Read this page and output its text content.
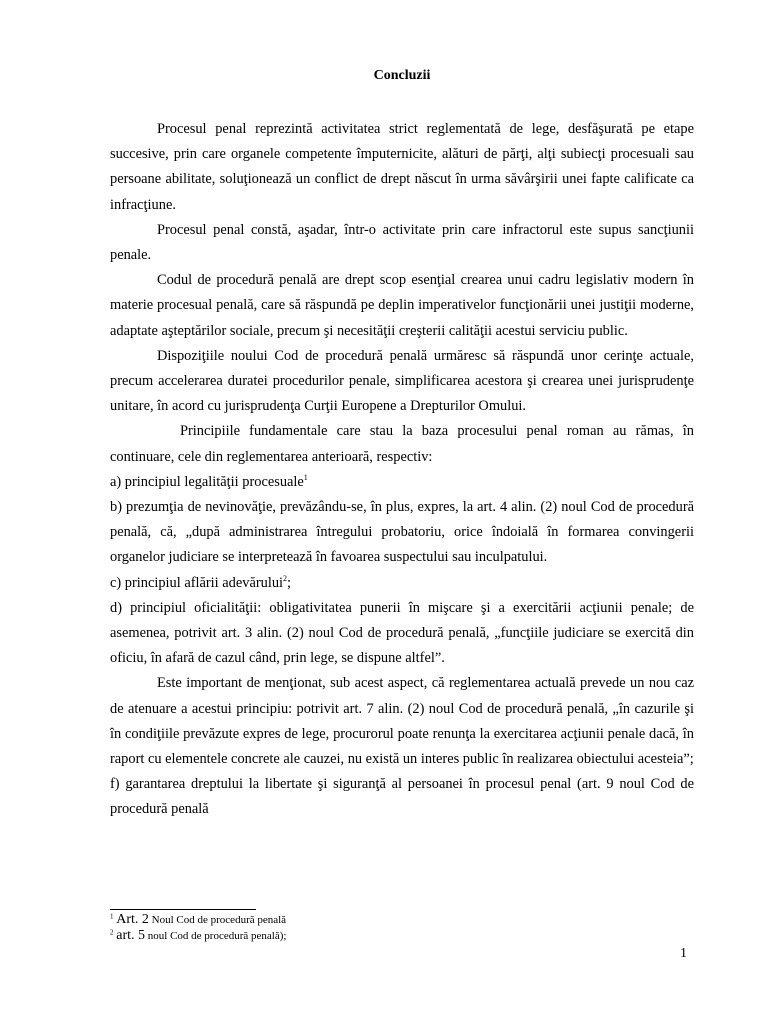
Concluzii

Procesul penal reprezintă activitatea strict reglementată de lege, desfăşurată pe etape succesive, prin care organele competente împuternicite, alături de părţi, alţi subiecţi procesuali sau persoane abilitate, soluţionează un conflict de drept născut în urma săvârşirii unei fapte calificate ca infracţiune.

Procesul penal constă, aşadar, într-o activitate prin care infractorul este supus sancţiunii penale.

Codul de procedură penală are drept scop esenţial crearea unui cadru legislativ modern în materie procesual penală, care să răspundă pe deplin imperativelor funcţionării unei justiţii moderne, adaptate aşteptărilor sociale, precum şi necesităţii creşterii calităţii acestui serviciu public.

Dispoziţiile noului Cod de procedură penală urmăresc să răspundă unor cerinţe actuale, precum accelerarea duratei procedurilor penale, simplificarea acestora şi crearea unei jurisprudenţe unitare, în acord cu jurisprudenţa Curţii Europene a Drepturilor Omului.

Principiile fundamentale care stau la baza procesului penal roman au rămas, în continuare, cele din reglementarea anterioară, respectiv:

a) principiul legalităţii procesuale$^1$

b) prezumţia de nevinovăţie, prevăzându-se, în plus, expres, la art. 4 alin. (2) noul Cod de procedură penală, că, „după administrarea întregului probatoriu, orice îndoială în formarea convingerii organelor judiciare se interpretează în favoarea suspectului sau inculpatului.

c) principiul aflării adevărului$^2$;

d) principiul oficialităţii: obligativitatea punerii în mişcare şi a exercitării acţiunii penale; de asemenea, potrivit art. 3 alin. (2) noul Cod de procedură penală, „funcţiile judiciare se exercită din oficiu, în afară de cazul când, prin lege, se dispune altfel”.

Este important de menţionat, sub acest aspect, că reglementarea actuală prevede un nou caz de atenuare a acestui principiu: potrivit art. 7 alin. (2) noul Cod de procedură penală, „în cazurile şi în condiţiile prevăzute expres de lege, procurorul poate renunţa la exercitarea acţiunii penale dacă, în raport cu elementele concrete ale cauzei, nu există un interes public în realizarea obiectului acesteia”;

f) garantarea dreptului la libertate şi siguranţă al persoanei în procesul penal (art. 9 noul Cod de procedură penală

$^1$ Art. 2 Noul Cod de procedură penală

$^2$ art. 5 noul Cod de procedură penală);

1
